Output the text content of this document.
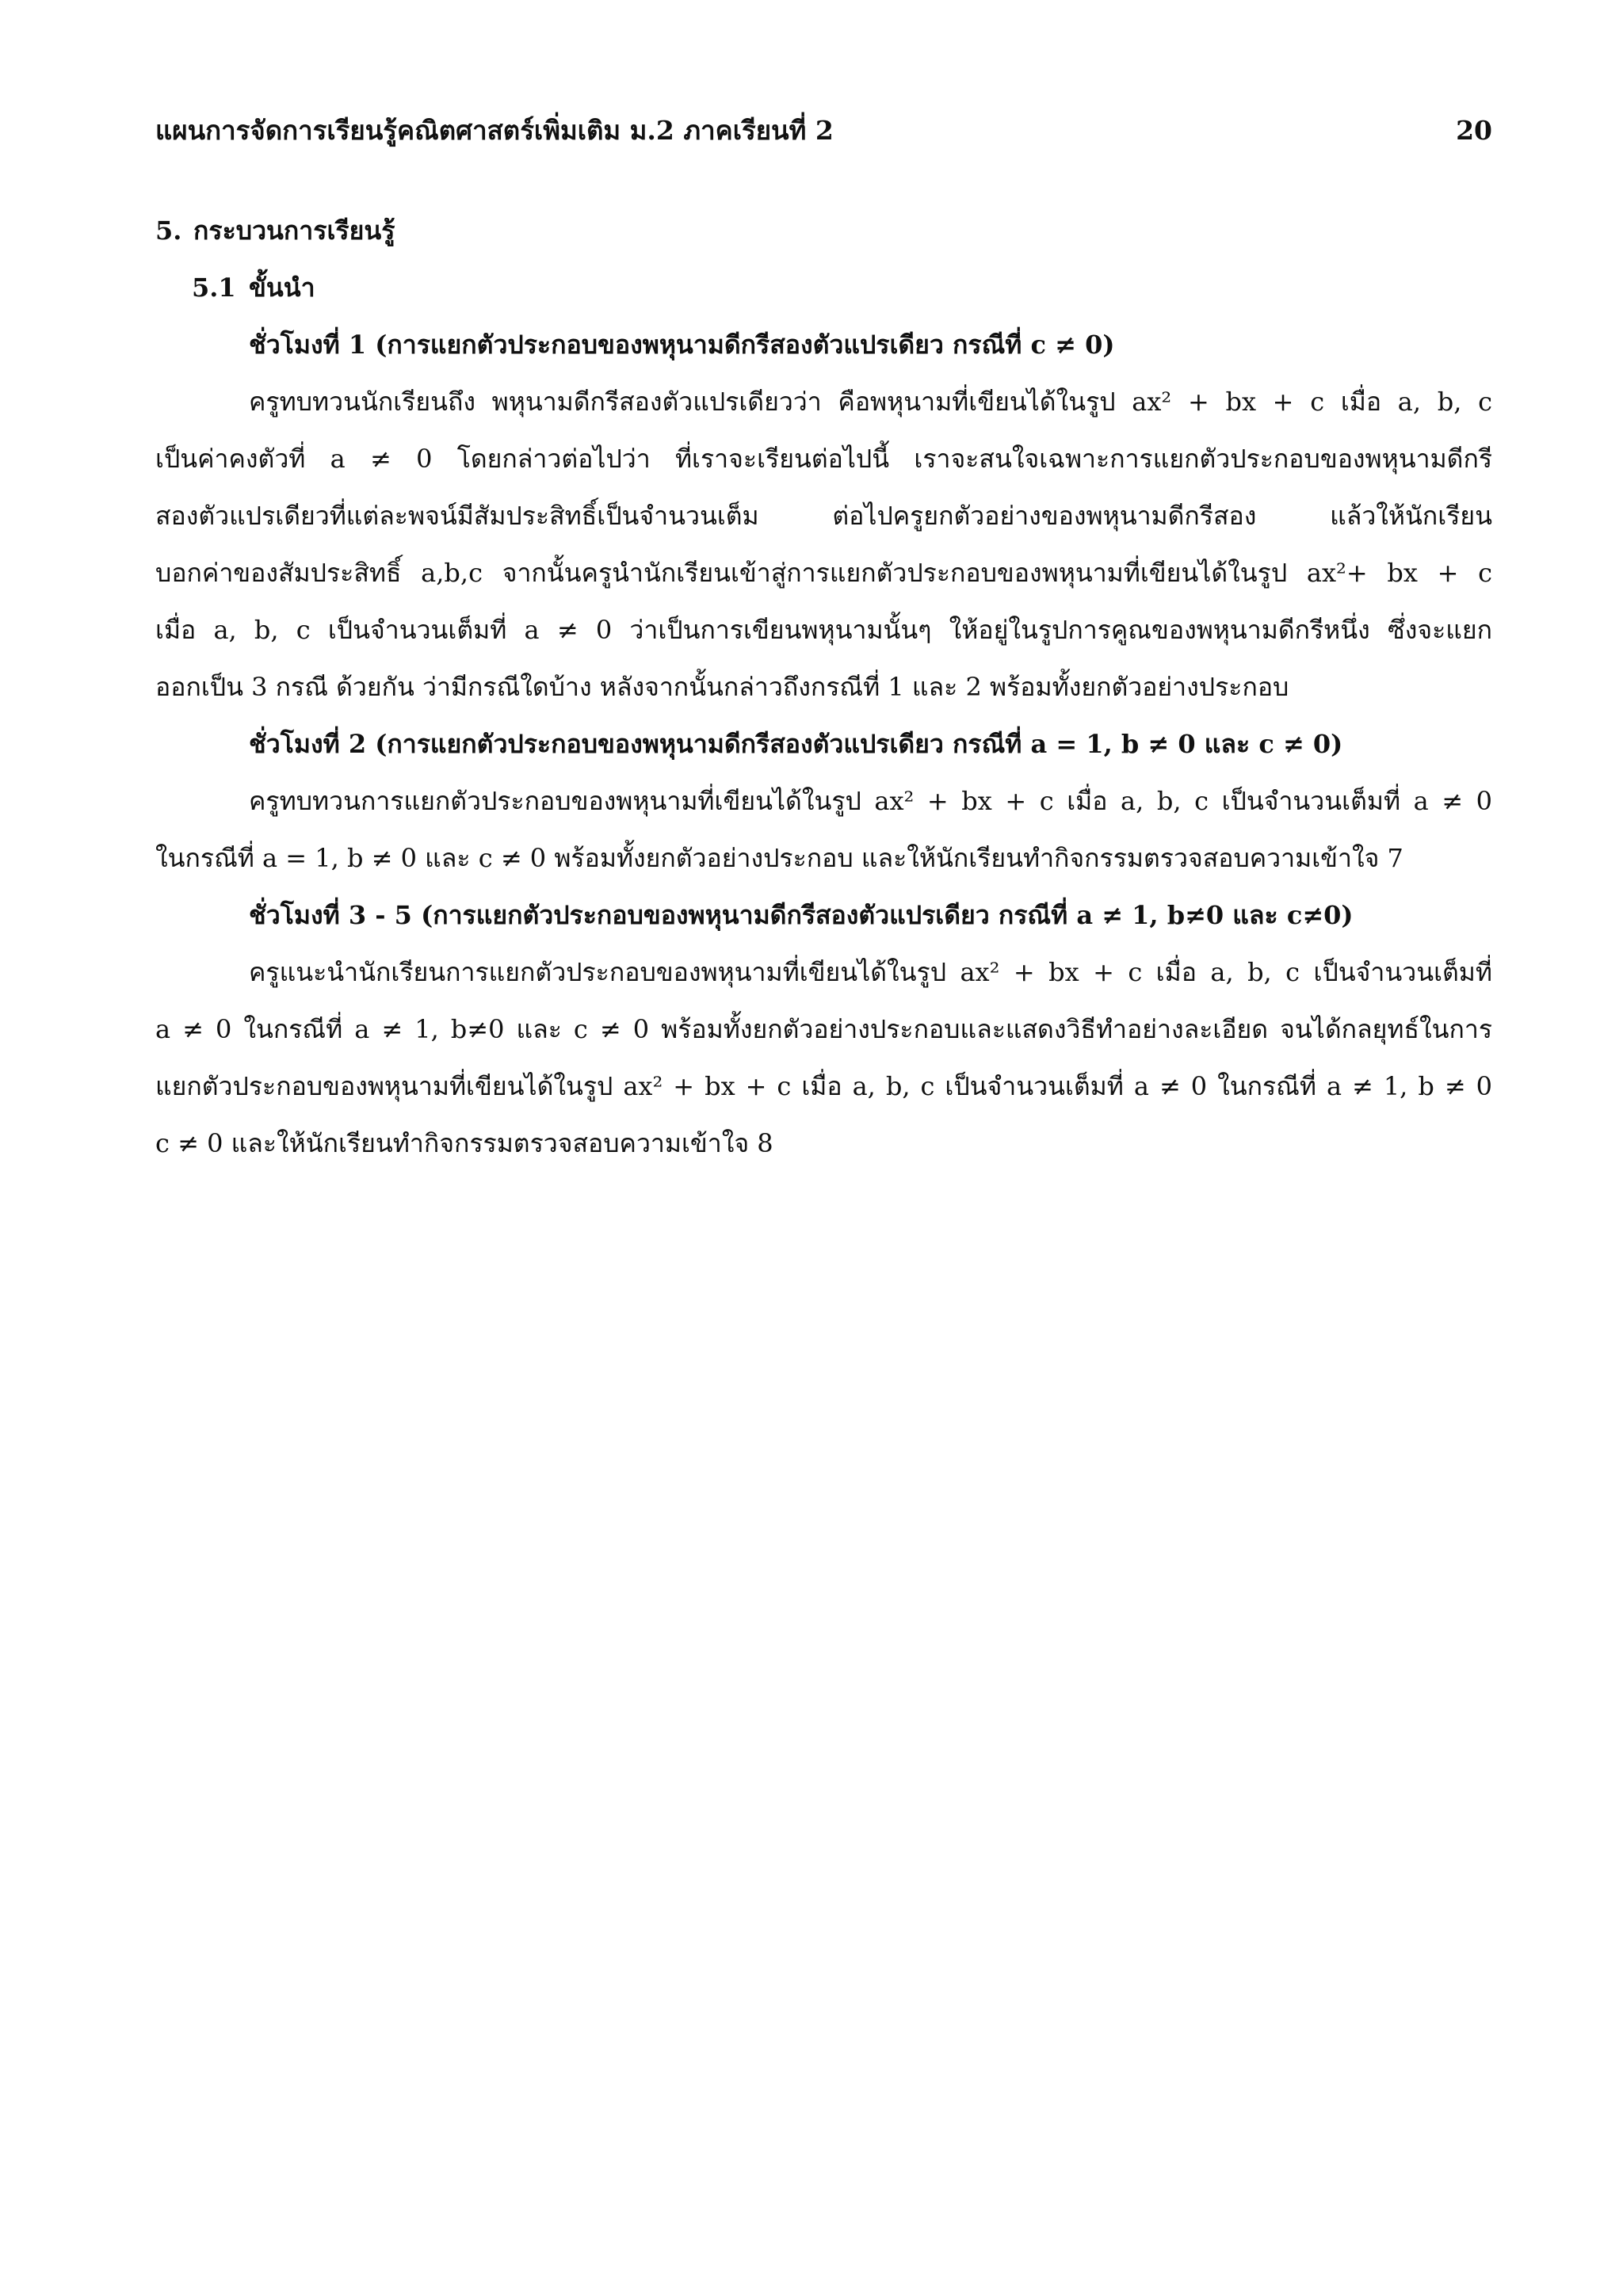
แผนการจัดการเรียนรู้คณิตศาสตร์เพิ่มเติม ม.2 ภาคเรียนที่ 2	20
5. กระบวนการเรียนรู้
5.1 ขั้นนำ
ชั่วโมงที่ 1 (การแยกตัวประกอบของพหุนามดีกรีสองตัวแปรเดียว กรณีที่ c ≠ 0)
ครูทบทวนนักเรียนถึง พหุนามดีกรีสองตัวแปรเดียวว่า คือพหุนามที่เขียนได้ในรูป ax² + bx + c เมื่อ a, b, c
เป็นค่าคงตัวที่ a ≠ 0 โดยกล่าวต่อไปว่า ที่เราจะเรียนต่อไปนี้ เราจะสนใจเฉพาะการแยกตัวประกอบของพหุนามดีกรี
สองตัวแปรเดียวที่แต่ละพจน์มีสัมประสิทธิ์เป็นจำนวนเต็ม ต่อไปครูยกตัวอย่างของพหุนามดีกรีสอง แล้วให้นักเรียน
บอกค่าของสัมประสิทธิ์ a,b,c จากนั้นครูนำนักเรียนเข้าสู่การแยกตัวประกอบของพหุนามที่เขียนได้ในรูป ax²+ bx + c
เมื่อ a, b, c เป็นจำนวนเต็มที่ a ≠ 0 ว่าเป็นการเขียนพหุนามนั้นๆ ให้อยู่ในรูปการคูณของพหุนามดีกรีหนึ่ง ซึ่งจะแยก
ออกเป็น 3 กรณี ด้วยกัน ว่ามีกรณีใดบ้าง หลังจากนั้นกล่าวถึงกรณีที่ 1 และ 2 พร้อมทั้งยกตัวอย่างประกอบ
ชั่วโมงที่ 2 (การแยกตัวประกอบของพหุนามดีกรีสองตัวแปรเดียว กรณีที่ a = 1, b ≠ 0 และ c ≠ 0)
ครูทบทวนการแยกตัวประกอบของพหุนามที่เขียนได้ในรูป ax² + bx + c เมื่อ a, b, c เป็นจำนวนเต็มที่ a ≠ 0
ในกรณีที่ a = 1, b ≠ 0 และ c ≠ 0 พร้อมทั้งยกตัวอย่างประกอบ และให้นักเรียนทำกิจกรรมตรวจสอบความเข้าใจ 7
ชั่วโมงที่ 3 - 5 (การแยกตัวประกอบของพหุนามดีกรีสองตัวแปรเดียว กรณีที่ a ≠ 1, b≠0 และ c≠0)
ครูแนะนำนักเรียนการแยกตัวประกอบของพหุนามที่เขียนได้ในรูป ax² + bx + c เมื่อ a, b, c เป็นจำนวนเต็มที่
a ≠ 0 ในกรณีที่ a ≠ 1, b≠0 และ c ≠ 0 พร้อมทั้งยกตัวอย่างประกอบและแสดงวิธีทำอย่างละเอียด จนได้กลยุทธ์ในการ
แยกตัวประกอบของพหุนามที่เขียนได้ในรูป ax² + bx + c เมื่อ a, b, c เป็นจำนวนเต็มที่ a ≠ 0 ในกรณีที่ a ≠ 1, b ≠ 0
c ≠ 0 และให้นักเรียนทำกิจกรรมตรวจสอบความเข้าใจ 8
